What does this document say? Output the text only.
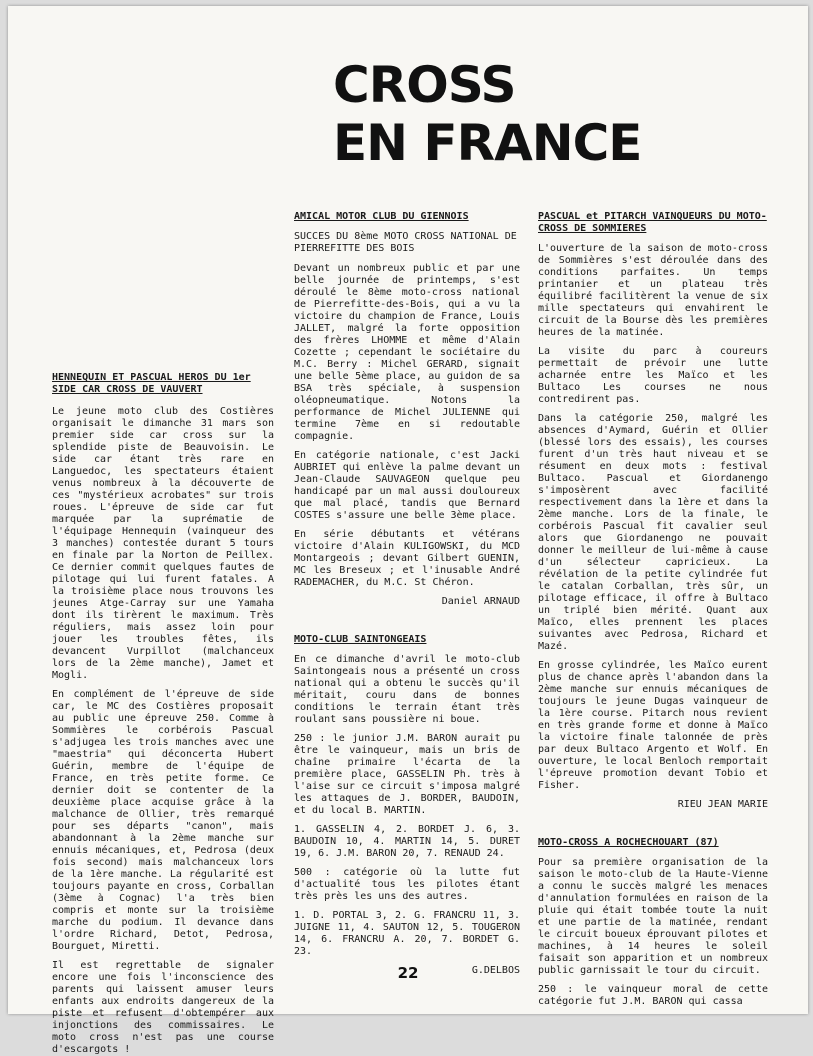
CROSS
EN FRANCE

HENNEQUIN ET PASCUAL HEROS DU 1er SIDE CAR CROSS DE VAUVERT

Le jeune moto club des Costières organisait le dimanche 31 mars son premier side car cross sur la splendide piste de Beauvoisin. Le side car étant très rare en Languedoc, les spectateurs étaient venus nombreux à la découverte de ces "mystérieux acrobates" sur trois roues. L'épreuve de side car fut marquée par la suprématie de l'équipage Hennequin (vainqueur des 3 manches) contestée durant 5 tours en finale par la Norton de Peillex. Ce dernier commit quelques fautes de pilotage qui lui furent fatales. A la troisième place nous trouvons les jeunes Atge-Carray sur une Yamaha dont ils tirèrent le maximum. Très réguliers, mais assez loin pour jouer les troubles fêtes, ils devancent Vurpillot (malchanceux lors de la 2ème manche), Jamet et Mogli.

En complément de l'épreuve de side car, le MC des Costières proposait au public une épreuve 250. Comme à Sommières le corbérois Pascual s'adjugea les trois manches avec une "maestria" qui déconcerta Hubert Guérin, membre de l'équipe de France, en très petite forme. Ce dernier doit se contenter de la deuxième place acquise grâce à la malchance de Ollier, très remarqué pour ses départs "canon", mais abandonnant à la 2ème manche sur ennuis mécaniques, et, Pedrosa (deux fois second) mais malchanceux lors de la 1ère manche. La régularité est toujours payante en cross, Corballan (3ème à Cognac) l'a très bien compris et monte sur la troisième marche du podium. Il devance dans l'ordre Richard, Detot, Pedrosa, Bourguet, Miretti.

Il est regrettable de signaler encore une fois l'inconscience des parents qui laissent amuser leurs enfants aux endroits dangereux de la piste et refusent d'obtempérer aux injonctions des commissaires. Le moto cross n'est pas une course d'escargots !

AMICAL MOTOR CLUB DU GIENNOIS

SUCCES DU 8ème MOTO CROSS NATIONAL DE PIERREFITTE DES BOIS

Devant un nombreux public et par une belle journée de printemps, s'est déroulé le 8ème moto-cross national de Pierrefitte-des-Bois, qui a vu la victoire du champion de France, Louis JALLET, malgré la forte opposition des frères LHOMME et même d'Alain Cozette ; cependant le sociétaire du M.C. Berry : Michel GERARD, signait une belle 5ème place, au guidon de sa BSA très spéciale, à suspension oléopneumatique. Notons la performance de Michel JULIENNE qui termine 7ème en si redoutable compagnie.

En catégorie nationale, c'est Jacki AUBRIET qui enlève la palme devant un Jean-Claude SAUVAGEON quelque peu handicapé par un mal aussi douloureux que mal placé, tandis que Bernard COSTES s'assure une belle 3ème place.

En série débutants et vétérans victoire d'Alain KULIGOWSKI, du MCD Montargeois ; devant Gilbert GUENIN, MC les Breseux ; et l'inusable André RADEMACHER, du M.C. St Chéron.

Daniel ARNAUD

MOTO-CLUB SAINTONGEAIS

En ce dimanche d'avril le moto-club Saintongeais nous a présenté un cross national qui a obtenu le succès qu'il méritait, couru dans de bonnes conditions le terrain étant très roulant sans poussière ni boue.

250 : le junior J.M. BARON aurait pu être le vainqueur, mais un bris de chaîne primaire l'écarta de la première place, GASSELIN Ph. très à l'aise sur ce circuit s'imposa malgré les attaques de J. BORDER, BAUDOIN, et du local B. MARTIN.

1. GASSELIN 4, 2. BORDET J. 6, 3. BAUDOIN 10, 4. MARTIN 14, 5. DURET 19, 6. J.M. BARON 20, 7. RENAUD 24.

500 : catégorie où la lutte fut d'actualité tous les pilotes étant très près les uns des autres.

1. D. PORTAL 3, 2. G. FRANCRU 11, 3. JUIGNE 11, 4. SAUTON 12, 5. TOUGERON 14, 6. FRANCRU A. 20, 7. BORDET G. 23.

G.DELBOS

PASCUAL et PITARCH VAINQUEURS DU MOTO-CROSS DE SOMMIERES

L'ouverture de la saison de moto-cross de Sommières s'est déroulée dans des conditions parfaites. Un temps printanier et un plateau très équilibré facilitèrent la venue de six mille spectateurs qui envahirent le circuit de la Bourse dès les premières heures de la matinée.

La visite du parc à coureurs permettait de prévoir une lutte acharnée entre les Maïco et les Bultaco Les courses ne nous contredirent pas.

Dans la catégorie 250, malgré les absences d'Aymard, Guérin et Ollier (blessé lors des essais), les courses furent d'un très haut niveau et se résument en deux mots : festival Bultaco. Pascual et Giordanengo s'imposèrent avec facilité respectivement dans la 1ère et dans la 2ème manche. Lors de la finale, le corbérois Pascual fit cavalier seul alors que Giordanengo ne pouvait donner le meilleur de lui-même à cause d'un sélecteur capricieux. La révélation de la petite cylindrée fut le catalan Corballan, très sûr, un pilotage efficace, il offre à Bultaco un triplé bien mérité. Quant aux Maïco, elles prennent les places suivantes avec Pedrosa, Richard et Mazé.

En grosse cylindrée, les Maïco eurent plus de chance après l'abandon dans la 2ème manche sur ennuis mécaniques de toujours le jeune Dugas vainqueur de la 1ère course. Pitarch nous revient en très grande forme et donne à Maïco la victoire finale talonnée de près par deux Bultaco Argento et Wolf. En ouverture, le local Benloch remportait l'épreuve promotion devant Tobio et Fisher.

RIEU JEAN MARIE

MOTO-CROSS A ROCHECHOUART (87)

Pour sa première organisation de la saison le moto-club de la Haute-Vienne a connu le succès malgré les menaces d'annulation formulées en raison de la pluie qui était tombée toute la nuit et une partie de la matinée, rendant le circuit boueux éprouvant pilotes et machines, à 14 heures le soleil faisait son apparition et un nombreux public garnissait le tour du circuit.

250 : le vainqueur moral de cette catégorie fut J.M. BARON qui cassa

22
